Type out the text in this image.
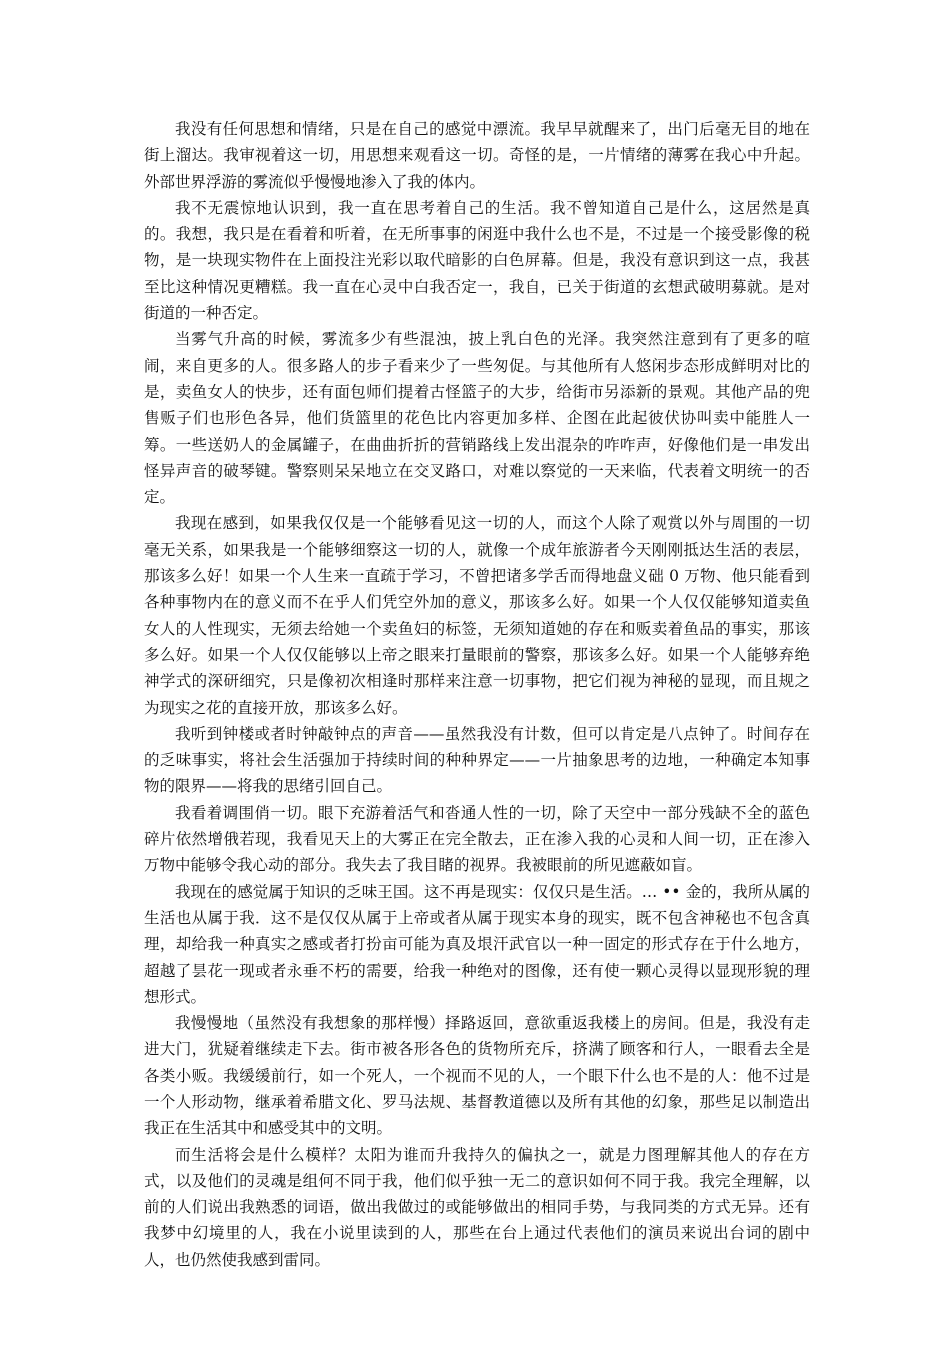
我没有任何思想和情绪，只是在自己的感觉中漂流。我早早就醒来了，出门后毫无目的地在街上溜达。我审视着这一切，用思想来观看这一切。奇怪的是，一片情绪的薄雾在我心中升起。外部世界浮游的雾流似乎慢慢地渗入了我的体内。

我不无震惊地认识到，我一直在思考着自己的生活。我不曾知道自己是什么，这居然是真的。我想，我只是在看着和听着，在无所事事的闲逛中我什么也不是，不过是一个接受影像的税物，是一块现实物件在上面投注光彩以取代暗影的白色屏幕。但是，我没有意识到这一点，我甚至比这种情况更糟糕。我一直在心灵中白我否定一，我自，已关于街道的玄想武破明募就。是对街道的一种否定。

当雾气升高的时候，雾流多少有些混浊，披上乳白色的光泽。我突然注意到有了更多的喧闹，来自更多的人。很多路人的步子看来少了一些匆促。与其他所有人悠闲步态形成鲜明对比的是，卖鱼女人的快步，还有面包师们提着古怪篮子的大步，给街市另添新的景观。其他产品的兜售贩子们也形色各异，他们货篮里的花色比内容更加多样、企图在此起彼伏协叫卖中能胜人一筹。一些送奶人的金属罐子，在曲曲折折的营销路线上发出混杂的咋咋声，好像他们是一串发出怪异声音的破琴键。警察则呆呆地立在交叉路口，对难以察觉的一天来临，代表着文明统一的否定。

我现在感到，如果我仅仅是一个能够看见这一切的人，而这个人除了观赏以外与周围的一切毫无关系，如果我是一个能够细察这一切的人，就像一个成年旅游者今天刚刚抵达生活的表层，那该多么好！如果一个人生来一直疏于学习，不曾把诸多学舌而得地盘义础 0 万物、他只能看到各种事物内在的意义而不在乎人们凭空外加的意义，那该多么好。如果一个人仅仅能够知道卖鱼女人的人性现实，无须去给她一个卖鱼妇的标签，无须知道她的存在和贩卖着鱼品的事实，那该多么好。如果一个人仅仅能够以上帝之眼来打量眼前的警察，那该多么好。如果一个人能够弃绝神学式的深研细究，只是像初次相逢时那样来注意一切事物，把它们视为神秘的显现，而且规之为现实之花的直接开放，那该多么好。

我听到钟楼或者时钟敲钟点的声音——虽然我没有计数，但可以肯定是八点钟了。时间存在的乏味事实，将社会生活强加于持续时间的种种界定——一片抽象思考的边地，一种确定本知事物的限界——将我的思绪引回自己。

我看着调围俏一切。眼下充游着活气和沓通人性的一切，除了天空中一部分残缺不全的蓝色碎片依然增俄若现，我看见天上的大雾正在完全散去，正在渗入我的心灵和人间一切，正在渗入万物中能够令我心动的部分。我失去了我目睹的视界。我被眼前的所见遮蔽如盲。

我现在的感觉属于知识的乏味王国。这不再是现实：仅仅只是生活。… •• 金的，我所从属的生活也从属于我．这不是仅仅从属于上帝或者从属于现实本身的现实，既不包含神秘也不包含真理，却给我一种真实之感或者打扮亩可能为真及垠汗武官以一种一固定的形式存在于什么地方，超越了昙花一现或者永垂不朽的需要，给我一种绝对的图像，还有使一颗心灵得以显现形貌的理想形式。

我慢慢地（虽然没有我想象的那样慢）择路返回，意欲重返我楼上的房间。但是，我没有走进大门，犹疑着继续走下去。街市被各形各色的货物所充斥，挤满了顾客和行人，一眼看去全是各类小贩。我缓缓前行，如一个死人，一个视而不见的人，一个眼下什么也不是的人：他不过是一个人形动物，继承着希腊文化、罗马法规、基督教道德以及所有其他的幻象，那些足以制造出我正在生活其中和感受其中的文明。

而生活将会是什么模样？太阳为谁而升我持久的偏执之一，就是力图理解其他人的存在方式，以及他们的灵魂是组何不同于我，他们似乎独一无二的意识如何不同于我。我完全理解，以前的人们说出我熟悉的词语，做出我做过的或能够做出的相同手势，与我同类的方式无异。还有我梦中幻境里的人，我在小说里读到的人，那些在台上通过代表他们的演员来说出台词的剧中人，也仍然使我感到雷同。
